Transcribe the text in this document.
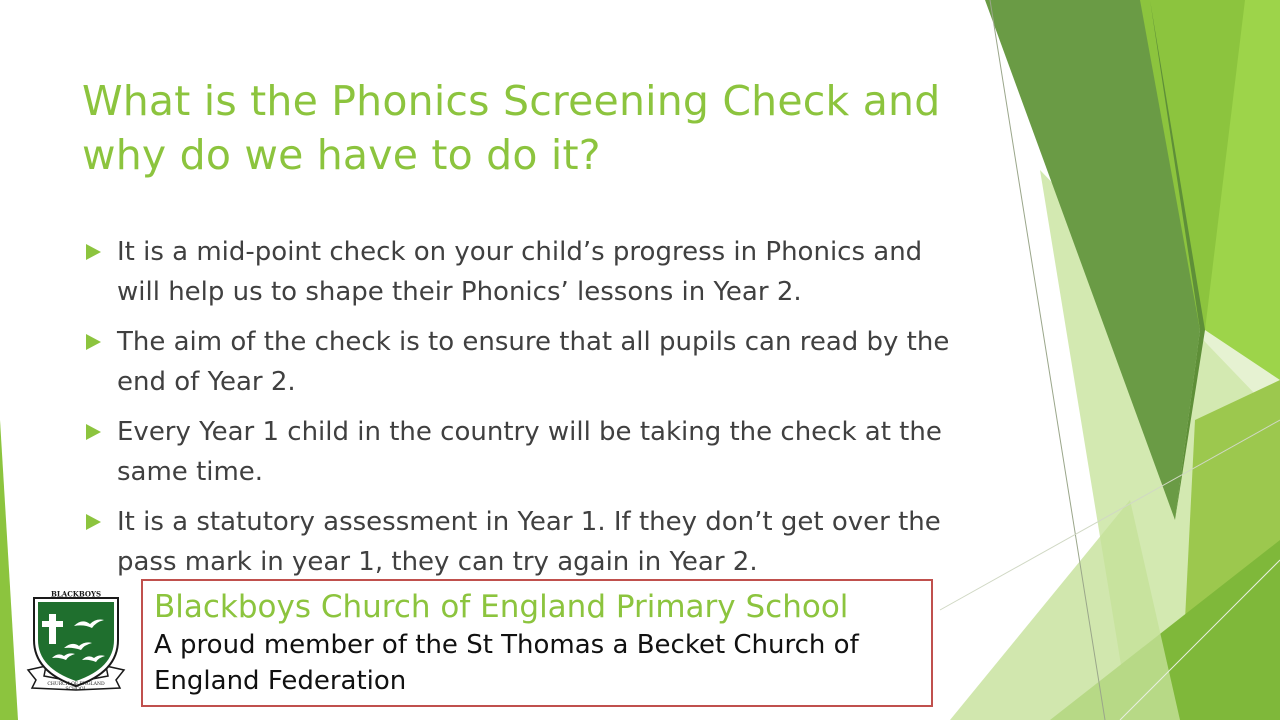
What is the Phonics Screening Check and why do we have to do it?
It is a mid-point check on your child’s progress in Phonics and will help us to shape their Phonics’ lessons in Year 2.
The aim of the check is to ensure that all pupils can read by the end of Year 2.
Every Year 1 child in the country will be taking the check at the same time.
It is a statutory assessment in Year 1. If they don’t get over the pass mark in year 1, they can try again in Year 2.
BLACKBOYS
CHURCH OF ENGLAND
SCHOOL
Blackboys Church of England Primary School
A proud member of the St Thomas a Becket Church of England Federation
